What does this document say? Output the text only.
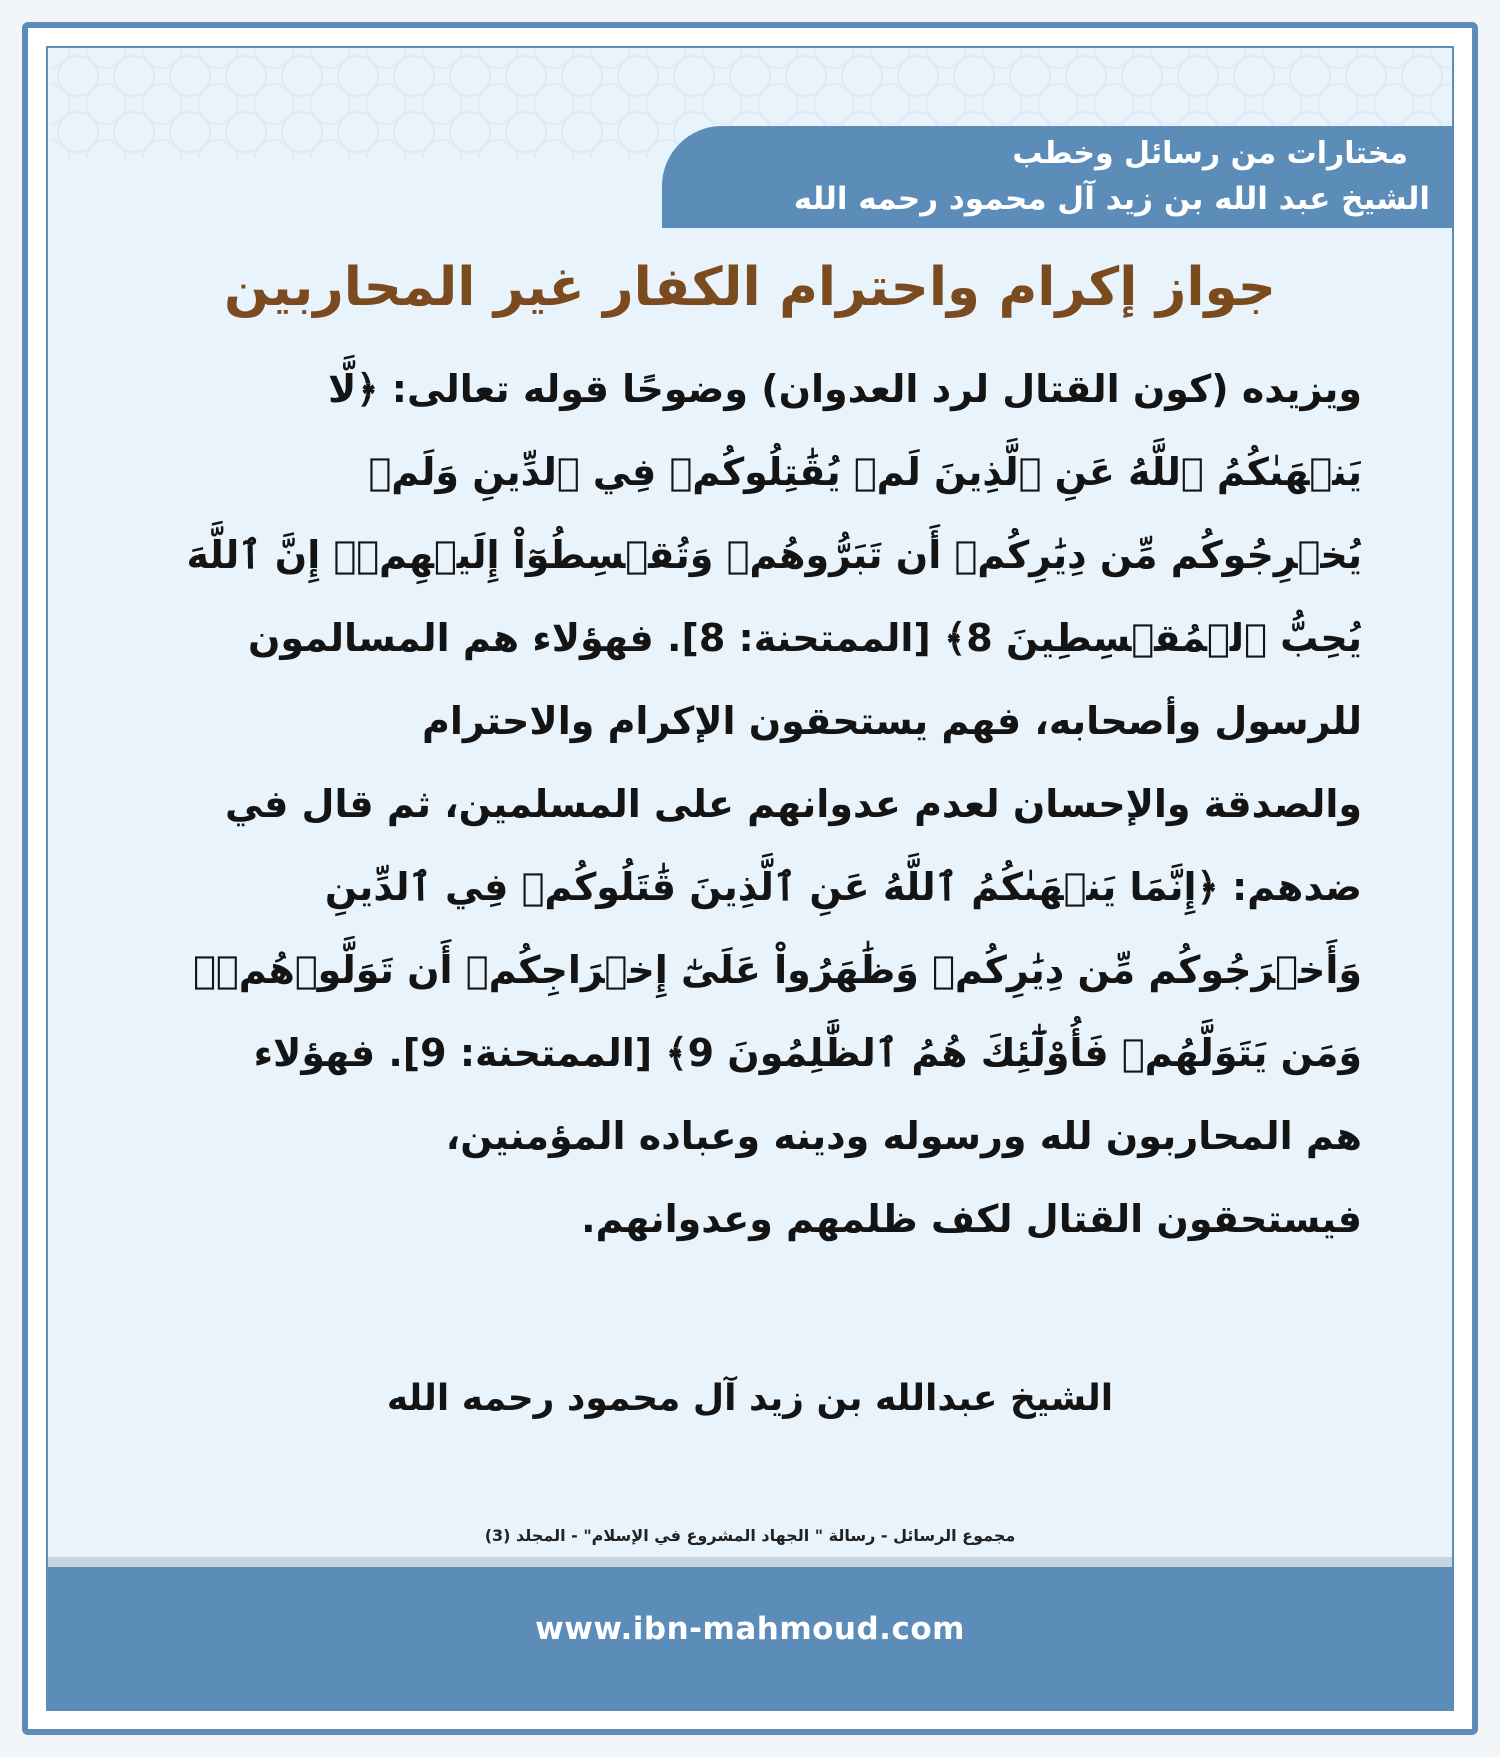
مختارات من رسائل وخطب
الشيخ عبد الله بن زيد آل محمود رحمه الله
جواز إكرام واحترام الكفار غير المحاربين
ويزيده (كون القتال لرد العدوان) وضوحًا قوله تعالى: ﴿لَّا
يَنۡهَىٰكُمُ ٱللَّهُ عَنِ ٱلَّذِينَ لَمۡ يُقَٰتِلُوكُمۡ فِي ٱلدِّينِ وَلَمۡ
يُخۡرِجُوكُم مِّن دِيَٰرِكُمۡ أَن تَبَرُّوهُمۡ وَتُقۡسِطُوٓاْ إِلَيۡهِمۡۚ إِنَّ ٱللَّهَ
يُحِبُّ ٱلۡمُقۡسِطِينَ 8﴾ [الممتحنة: 8]. فهؤلاء هم المسالمون
للرسول وأصحابه، فهم يستحقون الإكرام والاحترام
والصدقة والإحسان لعدم عدوانهم على المسلمين، ثم قال في
ضدهم: ﴿إِنَّمَا يَنۡهَىٰكُمُ ٱللَّهُ عَنِ ٱلَّذِينَ قَٰتَلُوكُمۡ فِي ٱلدِّينِ
وَأَخۡرَجُوكُم مِّن دِيَٰرِكُمۡ وَظَٰهَرُواْ عَلَىٰٓ إِخۡرَاجِكُمۡ أَن تَوَلَّوۡهُمۡۚ
وَمَن يَتَوَلَّهُمۡ فَأُوْلَٰٓئِكَ هُمُ ٱلظَّٰلِمُونَ 9﴾ [الممتحنة: 9]. فهؤلاء
هم المحاربون لله ورسوله ودينه وعباده المؤمنين،
فيستحقون القتال لكف ظلمهم وعدوانهم.
الشيخ عبدالله بن زيد آل محمود رحمه الله
مجموع الرسائل - رسالة " الجهاد المشروع في الإسلام" - المجلد (3)
www.ibn-mahmoud.com
